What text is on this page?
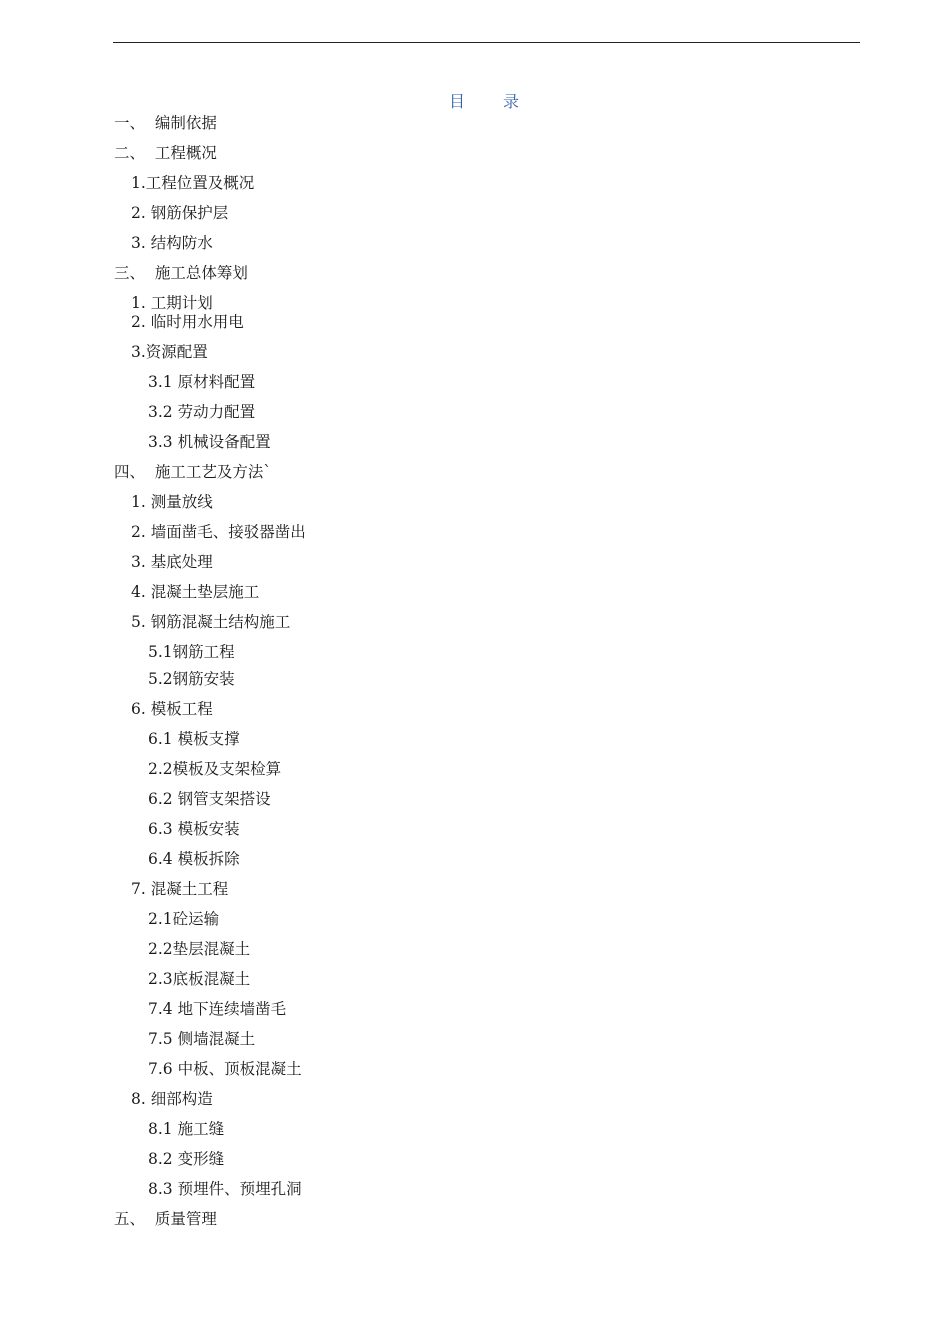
目 录
一、  编制依据
二、  工程概况
1.工程位置及概况
2. 钢筋保护层
3. 结构防水
三、  施工总体筹划
1. 工期计划
2. 临时用水用电
3.资源配置
3.1 原材料配置
3.2 劳动力配置
3.3 机械设备配置
四、  施工工艺及方法`
1. 测量放线
2. 墙面凿毛、接驳器凿出
3. 基底处理
4. 混凝土垫层施工
5. 钢筋混凝土结构施工
5.1钢筋工程
5.2钢筋安装
6. 模板工程
6.1 模板支撑
2.2模板及支架检算
6.2 钢管支架搭设
6.3 模板安装
6.4 模板拆除
7. 混凝土工程
2.1砼运输
2.2垫层混凝土
2.3底板混凝土
7.4 地下连续墙凿毛
7.5 侧墙混凝土
7.6 中板、顶板混凝土
8. 细部构造
8.1 施工缝
8.2 变形缝
8.3 预埋件、预埋孔洞
五、  质量管理
